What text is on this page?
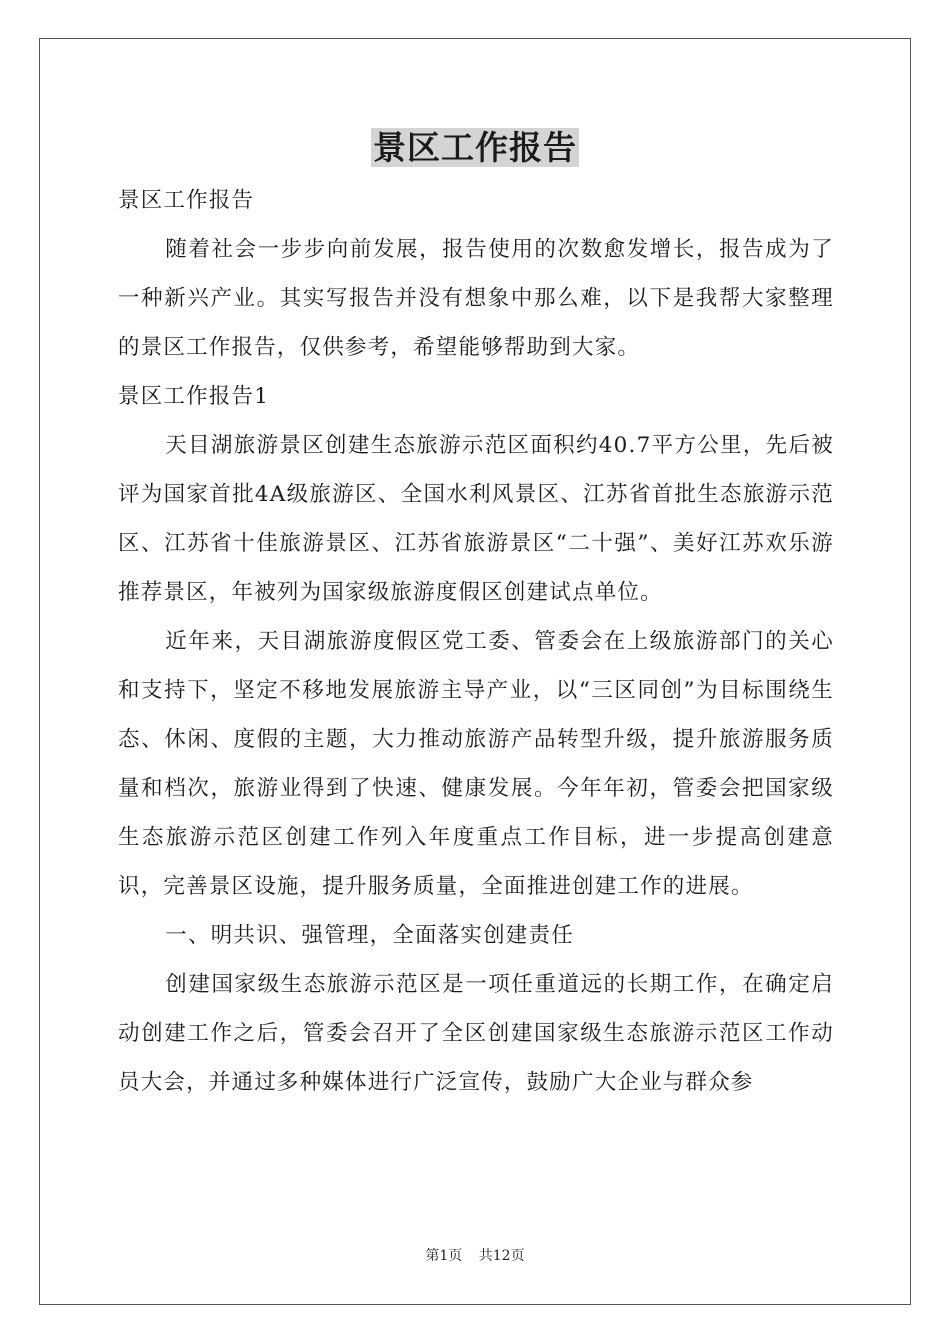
景区工作报告

景区工作报告

随着社会一步步向前发展，报告使用的次数愈发增长，报告成为了一种新兴产业。其实写报告并没有想象中那么难，以下是我帮大家整理的景区工作报告，仅供参考，希望能够帮助到大家。

景区工作报告1

天目湖旅游景区创建生态旅游示范区面积约40.7平方公里，先后被评为国家首批4A级旅游区、全国水利风景区、江苏省首批生态旅游示范区、江苏省十佳旅游景区、江苏省旅游景区“二十强”、美好江苏欢乐游推荐景区，年被列为国家级旅游度假区创建试点单位。

近年来，天目湖旅游度假区党工委、管委会在上级旅游部门的关心和支持下，坚定不移地发展旅游主导产业，以“三区同创”为目标围绕生态、休闲、度假的主题，大力推动旅游产品转型升级，提升旅游服务质量和档次，旅游业得到了快速、健康发展。今年年初，管委会把国家级生态旅游示范区创建工作列入年度重点工作目标，进一步提高创建意识，完善景区设施，提升服务质量，全面推进创建工作的进展。

一、明共识、强管理，全面落实创建责任

创建国家级生态旅游示范区是一项任重道远的长期工作，在确定启动创建工作之后，管委会召开了全区创建国家级生态旅游示范区工作动员大会，并通过多种媒体进行广泛宣传，鼓励广大企业与群众参

第1页 共12页
